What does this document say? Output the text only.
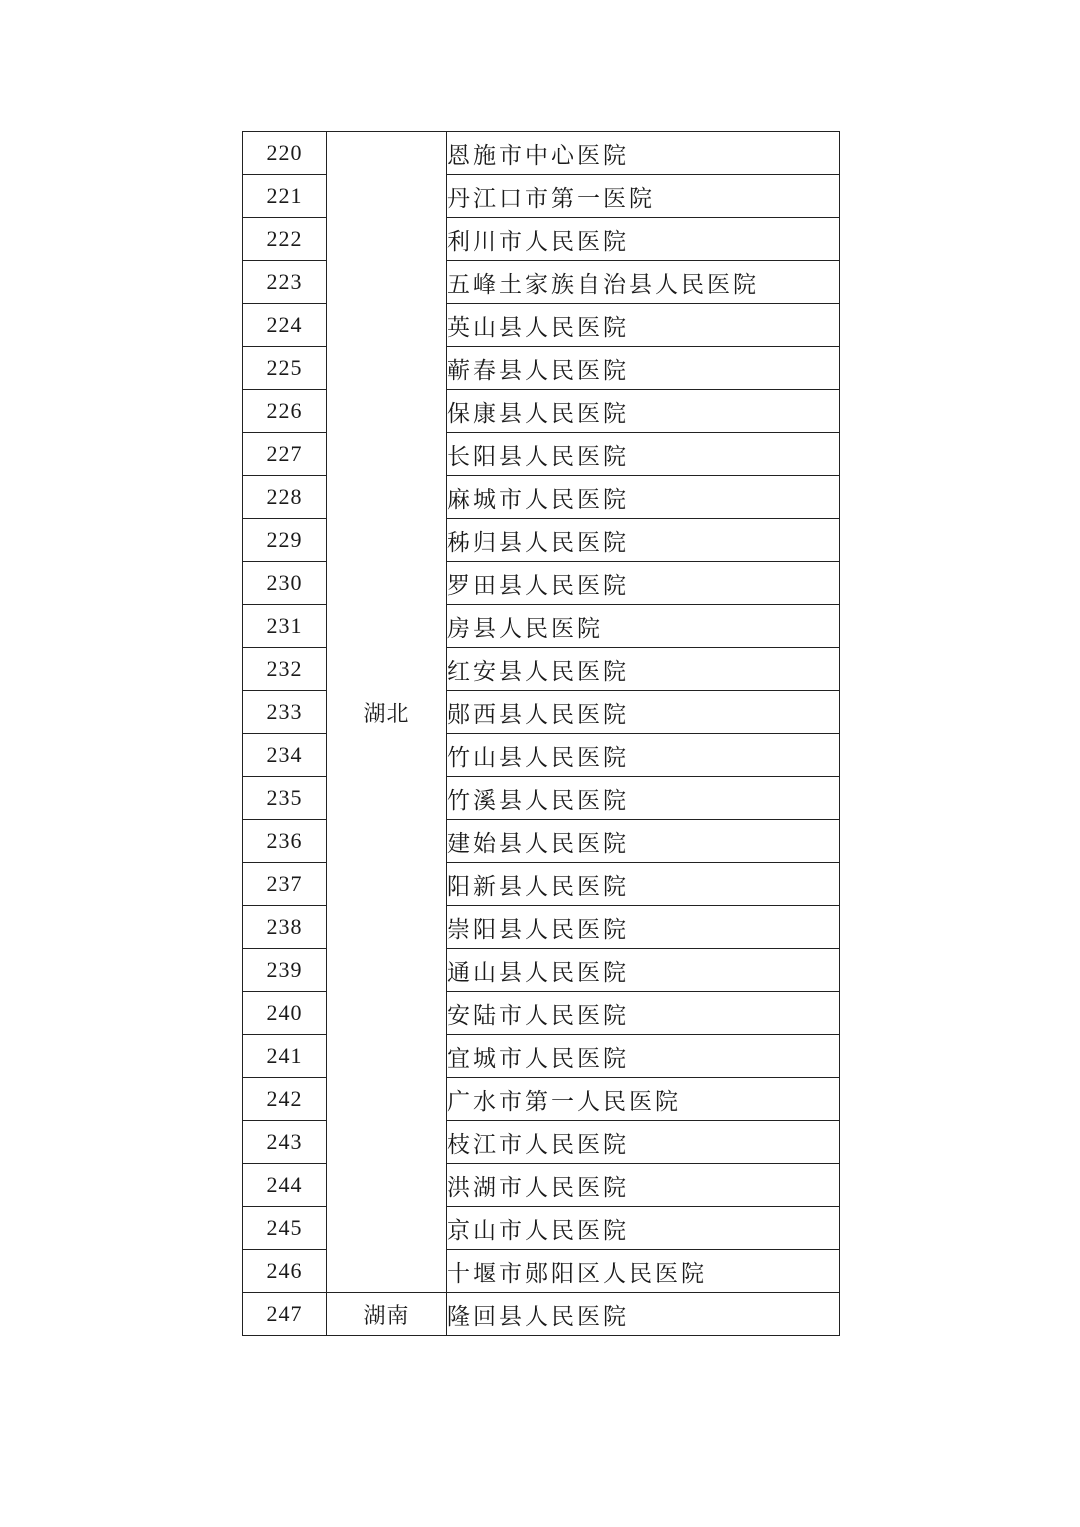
220	湖北	恩施市中心医院
221		丹江口市第一医院
222		利川市人民医院
223		五峰土家族自治县人民医院
224		英山县人民医院
225		蕲春县人民医院
226		保康县人民医院
227		长阳县人民医院
228		麻城市人民医院
229		秭归县人民医院
230		罗田县人民医院
231		房县人民医院
232		红安县人民医院
233		郧西县人民医院
234		竹山县人民医院
235		竹溪县人民医院
236		建始县人民医院
237		阳新县人民医院
238		崇阳县人民医院
239		通山县人民医院
240		安陆市人民医院
241		宜城市人民医院
242		广水市第一人民医院
243		枝江市人民医院
244		洪湖市人民医院
245		京山市人民医院
246		十堰市郧阳区人民医院
247	湖南	隆回县人民医院
